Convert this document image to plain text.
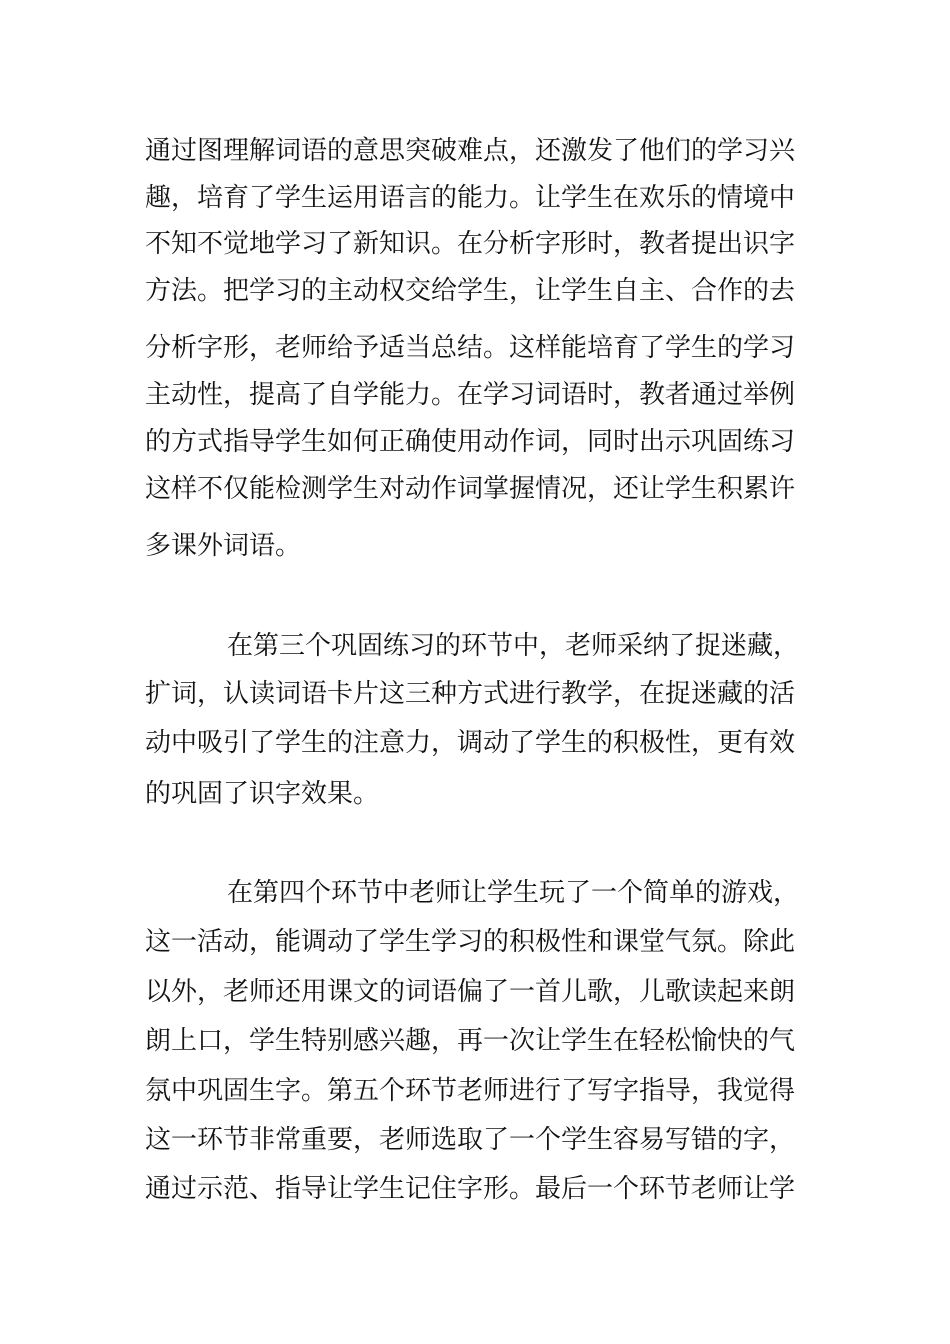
通过图理解词语的意思突破难点，还激发了他们的学习兴

趣，培育了学生运用语言的能力。让学生在欢乐的情境中

不知不觉地学习了新知识。在分析字形时，教者提出识字

方法。把学习的主动权交给学生，让学生自主、合作的去

分析字形，老师给予适当总结。这样能培育了学生的学习

主动性，提高了自学能力。在学习词语时，教者通过举例

的方式指导学生如何正确使用动作词，同时出示巩固练习

这样不仅能检测学生对动作词掌握情况，还让学生积累许

多课外词语。

在第三个巩固练习的环节中，老师采纳了捉迷藏，

扩词，认读词语卡片这三种方式进行教学，在捉迷藏的活

动中吸引了学生的注意力，调动了学生的积极性，更有效

的巩固了识字效果。

在第四个环节中老师让学生玩了一个简单的游戏，

这一活动，能调动了学生学习的积极性和课堂气氛。除此

以外，老师还用课文的词语偏了一首儿歌，儿歌读起来朗

朗上口，学生特别感兴趣，再一次让学生在轻松愉快的气

氛中巩固生字。第五个环节老师进行了写字指导，我觉得

这一环节非常重要，老师选取了一个学生容易写错的字，

通过示范、指导让学生记住字形。最后一个环节老师让学
